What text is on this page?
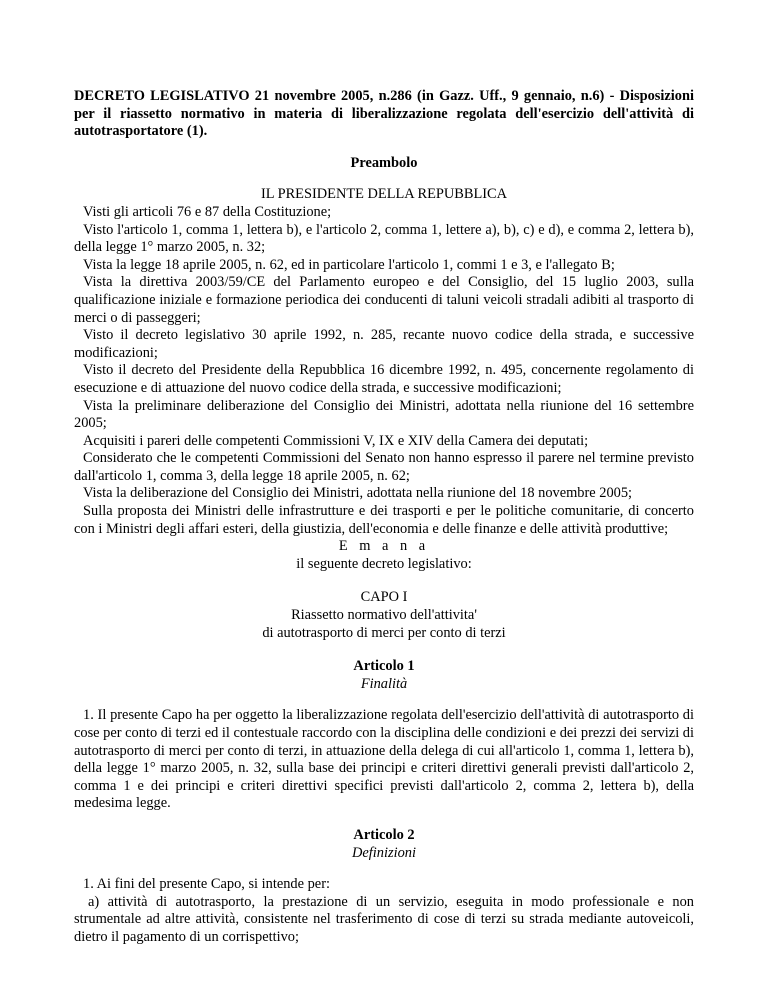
DECRETO LEGISLATIVO 21 novembre 2005, n.286 (in Gazz. Uff., 9 gennaio, n.6) - Disposizioni per il riassetto normativo in materia di liberalizzazione regolata dell'esercizio dell'attività di autotrasportatore (1).

Preambolo

IL PRESIDENTE DELLA REPUBBLICA

Visti gli articoli 76 e 87 della Costituzione;

Visto l'articolo 1, comma 1, lettera b), e l'articolo 2, comma 1, lettere a), b), c) e d), e comma 2, lettera b), della legge 1° marzo 2005, n. 32;

Vista la legge 18 aprile 2005, n. 62, ed in particolare l'articolo 1, commi 1 e 3, e l'allegato B;

Vista la direttiva 2003/59/CE del Parlamento europeo e del Consiglio, del 15 luglio 2003, sulla qualificazione iniziale e formazione periodica dei conducenti di taluni veicoli stradali adibiti al trasporto di merci o di passeggeri;

Visto il decreto legislativo 30 aprile 1992, n. 285, recante nuovo codice della strada, e successive modificazioni;

Visto il decreto del Presidente della Repubblica 16 dicembre 1992, n. 495, concernente regolamento di esecuzione e di attuazione del nuovo codice della strada, e successive modificazioni;

Vista la preliminare deliberazione del Consiglio dei Ministri, adottata nella riunione del 16 settembre 2005;

Acquisiti i pareri delle competenti Commissioni V, IX e XIV della Camera dei deputati;

Considerato che le competenti Commissioni del Senato non hanno espresso il parere nel termine previsto dall'articolo 1, comma 3, della legge 18 aprile 2005, n. 62;

Vista la deliberazione del Consiglio dei Ministri, adottata nella riunione del 18 novembre 2005;

Sulla proposta dei Ministri delle infrastrutture e dei trasporti e per le politiche comunitarie, di concerto con i Ministri degli affari esteri, della giustizia, dell'economia e delle finanze e delle attività produttive;

E m a n a

il seguente decreto legislativo:

CAPO I

Riassetto normativo dell'attivita'

di autotrasporto di merci per conto di terzi

Articolo 1

Finalità

1. Il presente Capo ha per oggetto la liberalizzazione regolata dell'esercizio dell'attività di autotrasporto di cose per conto di terzi ed il contestuale raccordo con la disciplina delle condizioni e dei prezzi dei servizi di autotrasporto di merci per conto di terzi, in attuazione della delega di cui all'articolo 1, comma 1, lettera b), della legge 1° marzo 2005, n. 32, sulla base dei principi e criteri direttivi generali previsti dall'articolo 2, comma 1 e dei principi e criteri direttivi specifici previsti dall'articolo 2, comma 2, lettera b), della medesima legge.

Articolo 2

Definizioni

1. Ai fini del presente Capo, si intende per:

a) attività di autotrasporto, la prestazione di un servizio, eseguita in modo professionale e non strumentale ad altre attività, consistente nel trasferimento di cose di terzi su strada mediante autoveicoli, dietro il pagamento di un corrispettivo;
